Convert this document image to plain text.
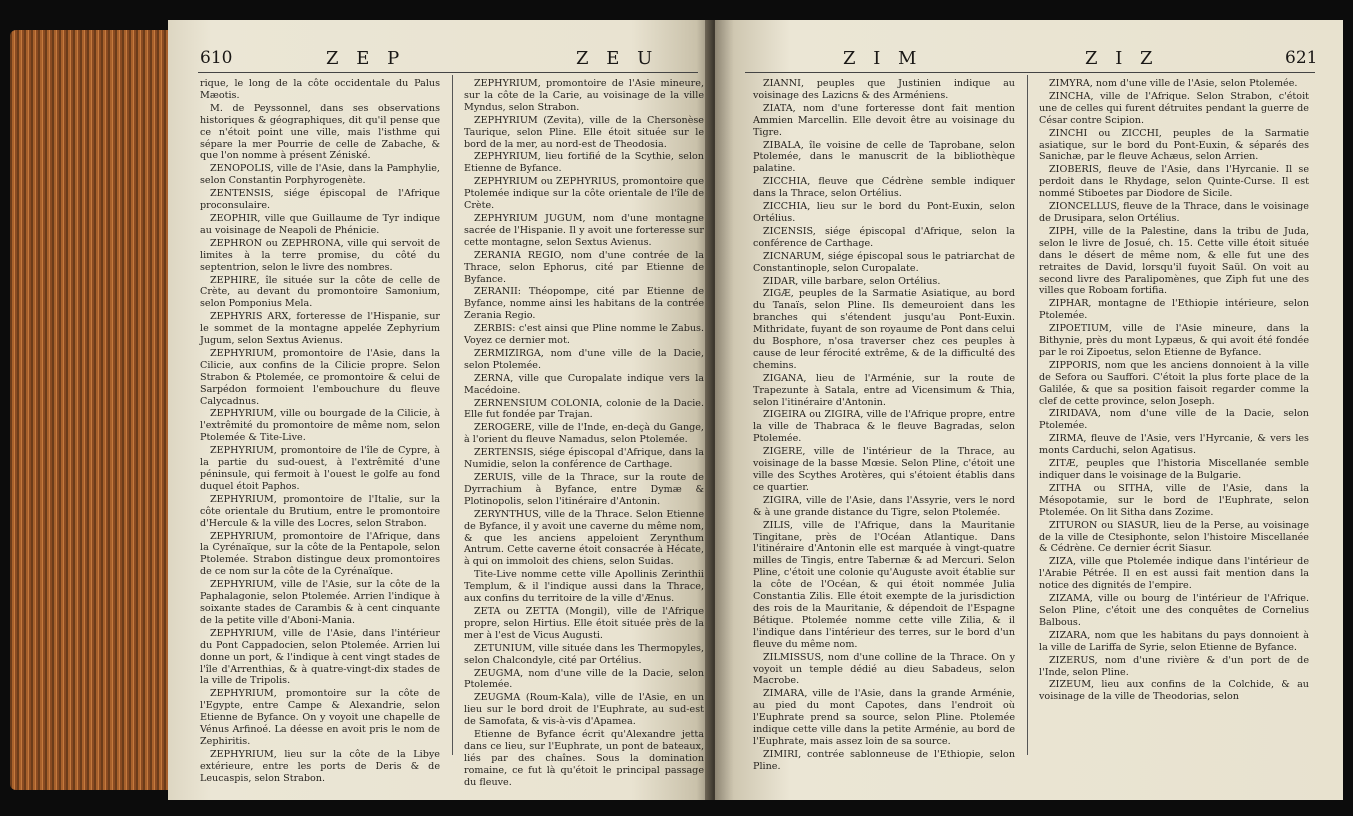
610	Z E P	Z E U

rique, le long de la côte occidentale du Palus Mæotis.

M. de Peyssonnel, dans ses observations historiques & géographiques, dit qu'il pense que ce n'étoit point une ville, mais l'isthme qui sépare la mer Pourrie de celle de Zabache, & que l'on nomme à présent Zéniské.

ZENOPOLIS, ville de l'Asie, dans la Pamphylie, selon Constantin Porphyrogenète.

ZENTENSIS, siége épiscopal de l'Afrique proconsulaire.

ZEOPHIR, ville que Guillaume de Tyr indique au voisinage de Neapoli de Phénicie.

ZEPHRON ou ZEPHRONA, ville qui servoit de limites à la terre promise, du côté du septentrion, selon le livre des nombres.

ZEPHIRE, île située sur la côte de celle de Crète, au devant du promontoire Samonium, selon Pomponius Mela.

ZEPHYRIS ARX, forteresse de l'Hispanie, sur le sommet de la montagne appelée Zephyrium Jugum, selon Sextus Avienus.

ZEPHYRIUM, promontoire de l'Asie, dans la Cilicie, aux confins de la Cilicie propre. Selon Strabon & Ptolemée, ce promontoire & celui de Sarpédon formoient l'embouchure du fleuve Calycadnus.

ZEPHYRIUM, ville ou bourgade de la Cilicie, à l'extrêmité du promontoire de même nom, selon Ptolemée & Tite-Live.

ZEPHYRIUM, promontoire de l'île de Cypre, à la partie du sud-ouest, à l'extrêmité d'une péninsule, qui fermoit à l'ouest le golfe au fond duquel étoit Paphos.

ZEPHYRIUM, promontoire de l'Italie, sur la côte orientale du Brutium, entre le promontoire d'Hercule & la ville des Locres, selon Strabon.

ZEPHYRIUM, promontoire de l'Afrique, dans la Cyrénaïque, sur la côte de la Pentapole, selon Ptolemée. Strabon distingue deux promontoires de ce nom sur la côte de la Cyrénaïque.

ZEPHYRIUM, ville de l'Asie, sur la côte de la Paphalagonie, selon Ptolemée. Arrien l'indique à soixante stades de Carambis & à cent cinquante de la petite ville d'Aboni-Mania.

ZEPHYRIUM, ville de l'Asie, dans l'intérieur du Pont Cappadocien, selon Ptolemée. Arrien lui donne un port, & l'indique à cent vingt stades de l'île d'Arrenthias, & à quatre-vingt-dix stades de la ville de Tripolis.

ZEPHYRIUM, promontoire sur la côte de l'Egypte, entre Campe & Alexandrie, selon Etienne de Byfance. On y voyoit une chapelle de Vénus Arfinoé. La déesse en avoit pris le nom de Zephiritis.

ZEPHYRIUM, lieu sur la côte de la Libye extérieure, entre les ports de Deris & de Leucaspis, selon Strabon.

ZEPHYRIUM, promontoire de l'Asie mineure, sur la côte de la Carie, au voisinage de la ville Myndus, selon Strabon.

ZEPHYRIUM (Zevita), ville de la Chersonèse Taurique, selon Pline. Elle étoit située sur le bord de la mer, au nord-est de Theodosia.

ZEPHYRIUM, lieu fortifié de la Scythie, selon Etienne de Byfance.

ZEPHYRIUM ou ZEPHYRIUS, promontoire que Ptolemée indique sur la côte orientale de l'île de Crète.

ZEPHYRIUM JUGUM, nom d'une montagne sacrée de l'Hispanie. Il y avoit une forteresse sur cette montagne, selon Sextus Avienus.

ZERANIA REGIO, nom d'une contrée de la Thrace, selon Ephorus, cité par Etienne de Byfance.

ZERANII: Théopompe, cité par Etienne de Byfance, nomme ainsi les habitans de la contrée Zerania Regio.

ZERBIS: c'est ainsi que Pline nomme le Zabus. Voyez ce dernier mot.

ZERMIZIRGA, nom d'une ville de la Dacie, selon Ptolemée.

ZERNA, ville que Curopalate indique vers la Macédoine.

ZERNENSIUM COLONIA, colonie de la Dacie. Elle fut fondée par Trajan.

ZEROGERE, ville de l'Inde, en-deçà du Gange, à l'orient du fleuve Namadus, selon Ptolemée.

ZERTENSIS, siége épiscopal d'Afrique, dans la Numidie, selon la conférence de Carthage.

ZERUIS, ville de la Thrace, sur la route de Dyrrachium à Byfance, entre Dymæ & Plotinopolis, selon l'itinéraire d'Antonin.

ZERYNTHUS, ville de la Thrace. Selon Etienne de Byfance, il y avoit une caverne du même nom, & que les anciens appeloient Zerynthum Antrum. Cette caverne étoit consacrée à Hécate, à qui on immoloit des chiens, selon Suidas.

Tite-Live nomme cette ville Apollinis Zerinthii Templum, & il l'indique aussi dans la Thrace, aux confins du territoire de la ville d'Ænus.

ZETA ou ZETTA (Mongil), ville de l'Afrique propre, selon Hirtius. Elle étoit située près de la mer à l'est de Vicus Augusti.

ZETUNIUM, ville située dans les Thermopyles, selon Chalcondyle, cité par Ortélius.

ZEUGMA, nom d'une ville de la Dacie, selon Ptolemée.

ZEUGMA (Roum-Kala), ville de l'Asie, en un lieu sur le bord droit de l'Euphrate, au sud-est de Samofata, & vis-à-vis d'Apamea.

Etienne de Byfance écrit qu'Alexandre jetta dans ce lieu, sur l'Euphrate, un pont de bateaux, liés par des chaînes. Sous la domination romaine, ce fut là qu'étoit le principal passage du fleuve.

Z I M	Z I Z	621

ZIANNI, peuples que Justinien indique au voisinage des Lazicns & des Arméniens.

ZIATA, nom d'une forteresse dont fait mention Ammien Marcellin. Elle devoit être au voisinage du Tigre.

ZIBALA, île voisine de celle de Taprobane, selon Ptolemée, dans le manuscrit de la bibliothèque palatine.

ZICCHIA, fleuve que Cédrène semble indiquer dans la Thrace, selon Ortélius.

ZICCHIA, lieu sur le bord du Pont-Euxin, selon Ortélius.

ZICENSIS, siége épiscopal d'Afrique, selon la conférence de Carthage.

ZICNARUM, siége épiscopal sous le patriarchat de Constantinople, selon Curopalate.

ZIDAR, ville barbare, selon Ortélius.

ZIGÆ, peuples de la Sarmatie Asiatique, au bord du Tanaïs, selon Pline. Ils demeuroient dans les branches qui s'étendent jusqu'au Pont-Euxin. Mithridate, fuyant de son royaume de Pont dans celui du Bosphore, n'osa traverser chez ces peuples à cause de leur férocité extrême, & de la difficulté des chemins.

ZIGANA, lieu de l'Arménie, sur la route de Trapezunte à Satala, entre ad Vicensimum & Thia, selon l'itinéraire d'Antonin.

ZIGEIRA ou ZIGIRA, ville de l'Afrique propre, entre la ville de Thabraca & le fleuve Bagradas, selon Ptolemée.

ZIGERE, ville de l'intérieur de la Thrace, au voisinage de la basse Mœsie. Selon Pline, c'étoit une ville des Scythes Arotères, qui s'étoient établis dans ce quartier.

ZIGIRA, ville de l'Asie, dans l'Assyrie, vers le nord & à une grande distance du Tigre, selon Ptolemée.

ZILIS, ville de l'Afrique, dans la Mauritanie Tingitane, près de l'Océan Atlantique. Dans l'itinéraire d'Antonin elle est marquée à vingt-quatre milles de Tingis, entre Tabernæ & ad Mercuri. Selon Pline, c'étoit une colonie qu'Auguste avoit établie sur la côte de l'Océan, & qui étoit nommée Julia Constantia Zilis. Elle étoit exempte de la jurisdiction des rois de la Mauritanie, & dépendoit de l'Espagne Bétique. Ptolemée nomme cette ville Zilia, & il l'indique dans l'intérieur des terres, sur le bord d'un fleuve du même nom.

ZILMISSUS, nom d'une colline de la Thrace. On y voyoit un temple dédié au dieu Sabadeus, selon Macrobe.

ZIMARA, ville de l'Asie, dans la grande Arménie, au pied du mont Capotes, dans l'endroit où l'Euphrate prend sa source, selon Pline. Ptolemée indique cette ville dans la petite Arménie, au bord de l'Euphrate, mais assez loin de sa source.

ZIMIRI, contrée sablonneuse de l'Ethiopie, selon Pline.

ZIMYRA, nom d'une ville de l'Asie, selon Ptolemée.

ZINCHA, ville de l'Afrique. Selon Strabon, c'étoit une de celles qui furent détruites pendant la guerre de César contre Scipion.

ZINCHI ou ZICCHI, peuples de la Sarmatie asiatique, sur le bord du Pont-Euxin, & séparés des Sanichæ, par le fleuve Achæus, selon Arrien.

ZIOBERIS, fleuve de l'Asie, dans l'Hyrcanie. Il se perdoit dans le Rhydage, selon Quinte-Curse. Il est nommé Stiboetes par Diodore de Sicile.

ZIONCELLUS, fleuve de la Thrace, dans le voisinage de Drusipara, selon Ortélius.

ZIPH, ville de la Palestine, dans la tribu de Juda, selon le livre de Josué, ch. 15. Cette ville étoit située dans le désert de même nom, & elle fut une des retraites de David, lorsqu'il fuyoit Saül. On voit au second livre des Paralipomènes, que Ziph fut une des villes que Roboam fortifia.

ZIPHAR, montagne de l'Ethiopie intérieure, selon Ptolemée.

ZIPOETIUM, ville de l'Asie mineure, dans la Bithynie, près du mont Lypæus, & qui avoit été fondée par le roi Zipoetus, selon Etienne de Byfance.

ZIPPORIS, nom que les anciens donnoient à la ville de Sefora ou Sauffori. C'étoit la plus forte place de la Galilée, & que sa position faisoit regarder comme la clef de cette province, selon Joseph.

ZIRIDAVA, nom d'une ville de la Dacie, selon Ptolemée.

ZIRMA, fleuve de l'Asie, vers l'Hyrcanie, & vers les monts Carduchi, selon Agatisus.

ZITÆ, peuples que l'historia Miscellanée semble indiquer dans le voisinage de la Bulgarie.

ZITHA ou SITHA, ville de l'Asie, dans la Mésopotamie, sur le bord de l'Euphrate, selon Ptolemée. On lit Sitha dans Zozime.

ZITURON ou SIASUR, lieu de la Perse, au voisinage de la ville de Ctesiphonte, selon l'histoire Miscellanée & Cédrène. Ce dernier écrit Siasur.

ZIZA, ville que Ptolemée indique dans l'intérieur de l'Arabie Pétrée. Il en est aussi fait mention dans la notice des dignités de l'empire.

ZIZAMA, ville ou bourg de l'intérieur de l'Afrique. Selon Pline, c'étoit une des conquêtes de Cornelius Balbous.

ZIZARA, nom que les habitans du pays donnoient à la ville de Lariffa de Syrie, selon Etienne de Byfance.

ZIZERUS, nom d'une rivière & d'un port de de l'Inde, selon Pline.

ZIZEUM, lieu aux confins de la Colchide, & au voisinage de la ville de Theodorias, selon
